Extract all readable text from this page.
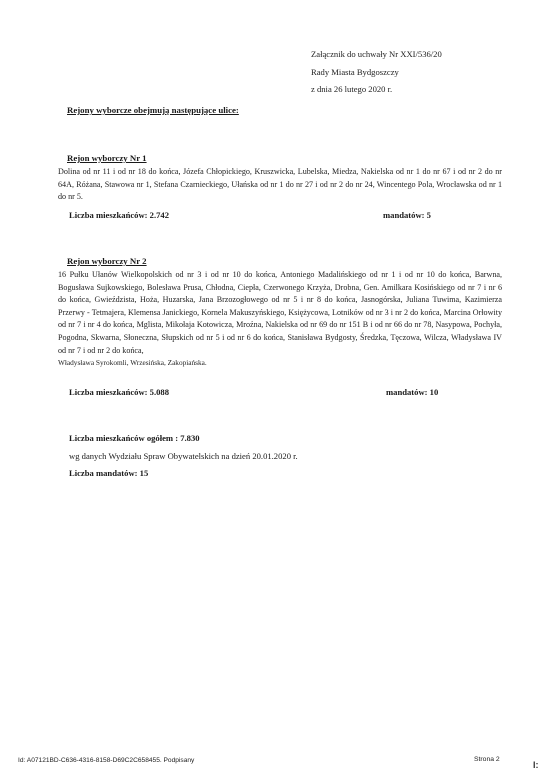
Załącznik do uchwały Nr XXI/536/20
Rady Miasta Bydgoszczy
z dnia 26 lutego 2020 r.
Rejony wyborcze obejmują następujące ulice:
Rejon wyborczy Nr 1
Dolina od nr 11 i od nr 18 do końca, Józefa Chłopickiego, Kruszwicka, Lubelska, Miedza, Nakielska od nr 1 do nr 67 i od nr 2 do nr 64A, Różana, Stawowa nr 1, Stefana Czarnieckiego, Ułańska od nr 1 do nr 27 i od nr 2 do nr 24, Wincentego Pola, Wrocławska od nr 1 do nr 5.
Liczba mieszkańców: 2.742	mandatów: 5
Rejon wyborczy Nr 2
16 Pułku Ułanów Wielkopolskich od nr 3 i od nr 10 do końca, Antoniego Madalińskiego od nr 1 i od nr 10 do końca, Barwna, Bogusława Sujkowskiego, Bolesława Prusa, Chłodna, Ciepła, Czerwonego Krzyża, Drobna, Gen. Amilkara Kosińskiego od nr 7 i nr 6 do końca, Gwieździsta, Hoża, Huzarska, Jana Brzozogłowego od nr 5 i nr 8 do końca, Jasnogórska, Juliana Tuwima, Kazimierza Przerwy - Tetmajera, Klemensa Janickiego, Kornela Makuszyńskiego, Księżycowa, Lotników od nr 3 i nr 2 do końca, Marcina Orłowity od nr 7 i nr 4 do końca, Mglista, Mikołaja Kotowicza, Mroźna, Nakielska od nr 69 do nr 151 B i od nr 66 do nr 78, Nasypowa, Pochyła, Pogodna, Skwarna, Słoneczna, Słupskich od nr 5 i od nr 6 do końca, Stanisława Bydgosty, Średzka, Tęczowa, Wilcza, Władysława IV od nr 7 i od nr 2 do końca,
Władysława Syrokomli, Wrzesińska, Zakopiańska.
Liczba mieszkańców: 5.088	mandatów: 10
Liczba mieszkańców ogółem : 7.830
wg danych Wydziału Spraw Obywatelskich na dzień 20.01.2020 r.
Liczba mandatów: 15
Id: A07121BD-C636-4316-8158-D69C2C658455. Podpisany	Strona 2
I:
